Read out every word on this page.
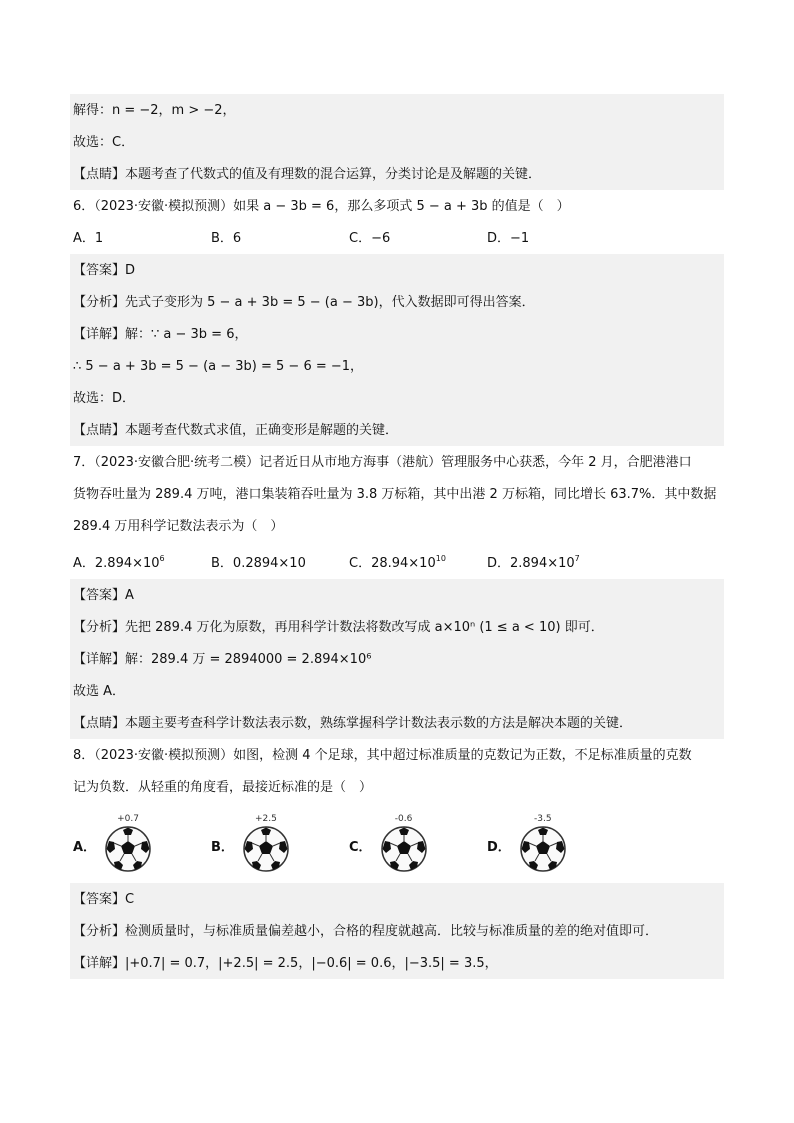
解得：n = −2，m > −2，
故选：C．
【点睛】本题考查了代数式的值及有理数的混合运算，分类讨论是及解题的关键．
6．（2023·安徽·模拟预测）如果 a − 3b = 6，那么多项式 5 − a + 3b 的值是（　）
A．1	B．6	C．−6	D．−1
【答案】D
【分析】先式子变形为 5 − a + 3b = 5 − (a − 3b)，代入数据即可得出答案．
【详解】解：∵ a − 3b = 6，
∴ 5 − a + 3b = 5 − (a − 3b) = 5 − 6 = −1，
故选：D．
【点睛】本题考查代数式求值，正确变形是解题的关键．
7．（2023·安徽合肥·统考二模）记者近日从市地方海事（港航）管理服务中心获悉，今年 2 月，合肥港港口
货物吞吐量为 289.4 万吨，港口集装箱吞吐量为 3.8 万标箱，其中出港 2 万标箱，同比增长 63.7%．其中数据
289.4 万用科学记数法表示为（　）
A．$2.894\times 10^6$	B．0.2894×10	C．$28.94\times 10^{10}$	D．$2.894\times 10^7$
【答案】A
【分析】先把 289.4 万化为原数，再用科学计数法将数改写成 a×10ⁿ (1 ≤ a < 10) 即可．
【详解】解：289.4 万 = 2894000 = 2.894×10⁶
故选 A．
【点睛】本题主要考查科学计数法表示数，熟练掌握科学计数法表示数的方法是解决本题的关键．
8．（2023·安徽·模拟预测）如图，检测 4 个足球，其中超过标准质量的克数记为正数，不足标准质量的克数
记为负数．从轻重的角度看，最接近标准的是（　）
A．
+0.7
B．
+2.5
C．
-0.6
D．
-3.5
【答案】C
【分析】检测质量时，与标准质量偏差越小，合格的程度就越高．比较与标准质量的差的绝对值即可．
【详解】|+0.7| = 0.7，|+2.5| = 2.5，|−0.6| = 0.6，|−3.5| = 3.5，
